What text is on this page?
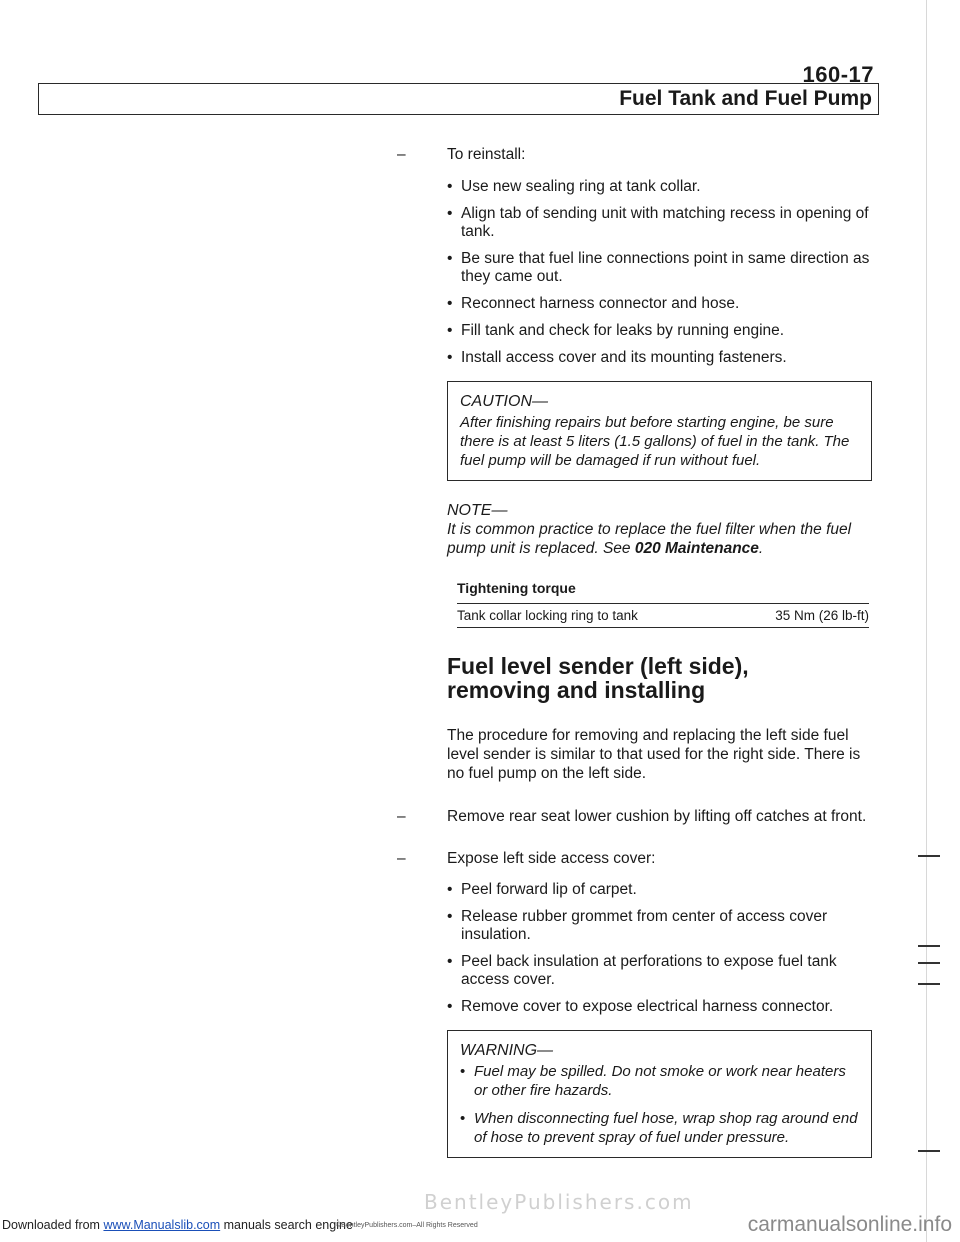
160-17
Fuel Tank and Fuel Pump
–	To reinstall:
• Use new sealing ring at tank collar.
• Align tab of sending unit with matching recess in opening of tank.
• Be sure that fuel line connections point in same direction as they came out.
• Reconnect harness connector and hose.
• Fill tank and check for leaks by running engine.
• Install access cover and its mounting fasteners.
CAUTION—
After finishing repairs but before starting engine, be sure there is at least 5 liters (1.5 gallons) of fuel in the tank. The fuel pump will be damaged if run without fuel.
NOTE—
It is common practice to replace the fuel filter when the fuel pump unit is replaced. See 020 Maintenance.
Tightening torque
Tank collar locking ring to tank	35 Nm (26 lb-ft)
Fuel level sender (left side),
removing and installing
The procedure for removing and replacing the left side fuel level sender is similar to that used for the right side. There is no fuel pump on the left side.
–	Remove rear seat lower cushion by lifting off catches at front.
–	Expose left side access cover:
• Peel forward lip of carpet.
• Release rubber grommet from center of access cover insulation.
• Peel back insulation at perforations to expose fuel tank access cover.
• Remove cover to expose electrical harness connector.
WARNING—
• Fuel may be spilled. Do not smoke or work near heaters or other fire hazards.
• When disconnecting fuel hose, wrap shop rag around end of hose to prevent spray of fuel under pressure.
BentleyPublishers.com
Downloaded from www.Manualslib.com manuals search engine
©BentleyPublishers.com–All Rights Reserved	carmanualsonline.info
